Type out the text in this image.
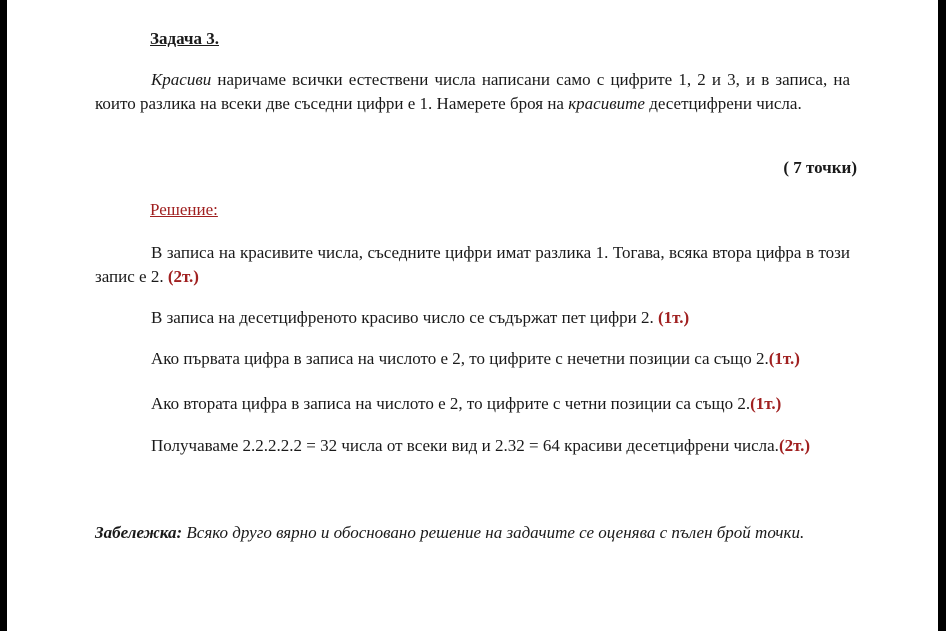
Задача 3.

Красиви наричаме всички естествени числа написани само с цифрите 1, 2 и 3, и в записа, на които разлика на всеки две съседни цифри е 1. Намерете броя на красивите десетцифрени числа.

( 7 точки)
Решение:

В записа на красивите числа, съседните цифри имат разлика 1. Тогава, всяка втора цифра в този запис е 2. (2т.)

В записа на десетцифреното красиво число се съдържат пет цифри 2. (1т.)

Ако първата цифра в записа на числото е 2, то цифрите с нечетни позиции са също 2.(1т.)

Ако втората цифра в записа на числото е 2, то цифрите с четни позиции са също 2.(1т.)

Получаваме 2.2.2.2.2 = 32 числа от всеки вид и 2.32 = 64 красиви десетцифрени числа.(2т.)

Забележка: Всяко друго вярно и обосновано решение на задачите се оценява с пълен брой точки.
